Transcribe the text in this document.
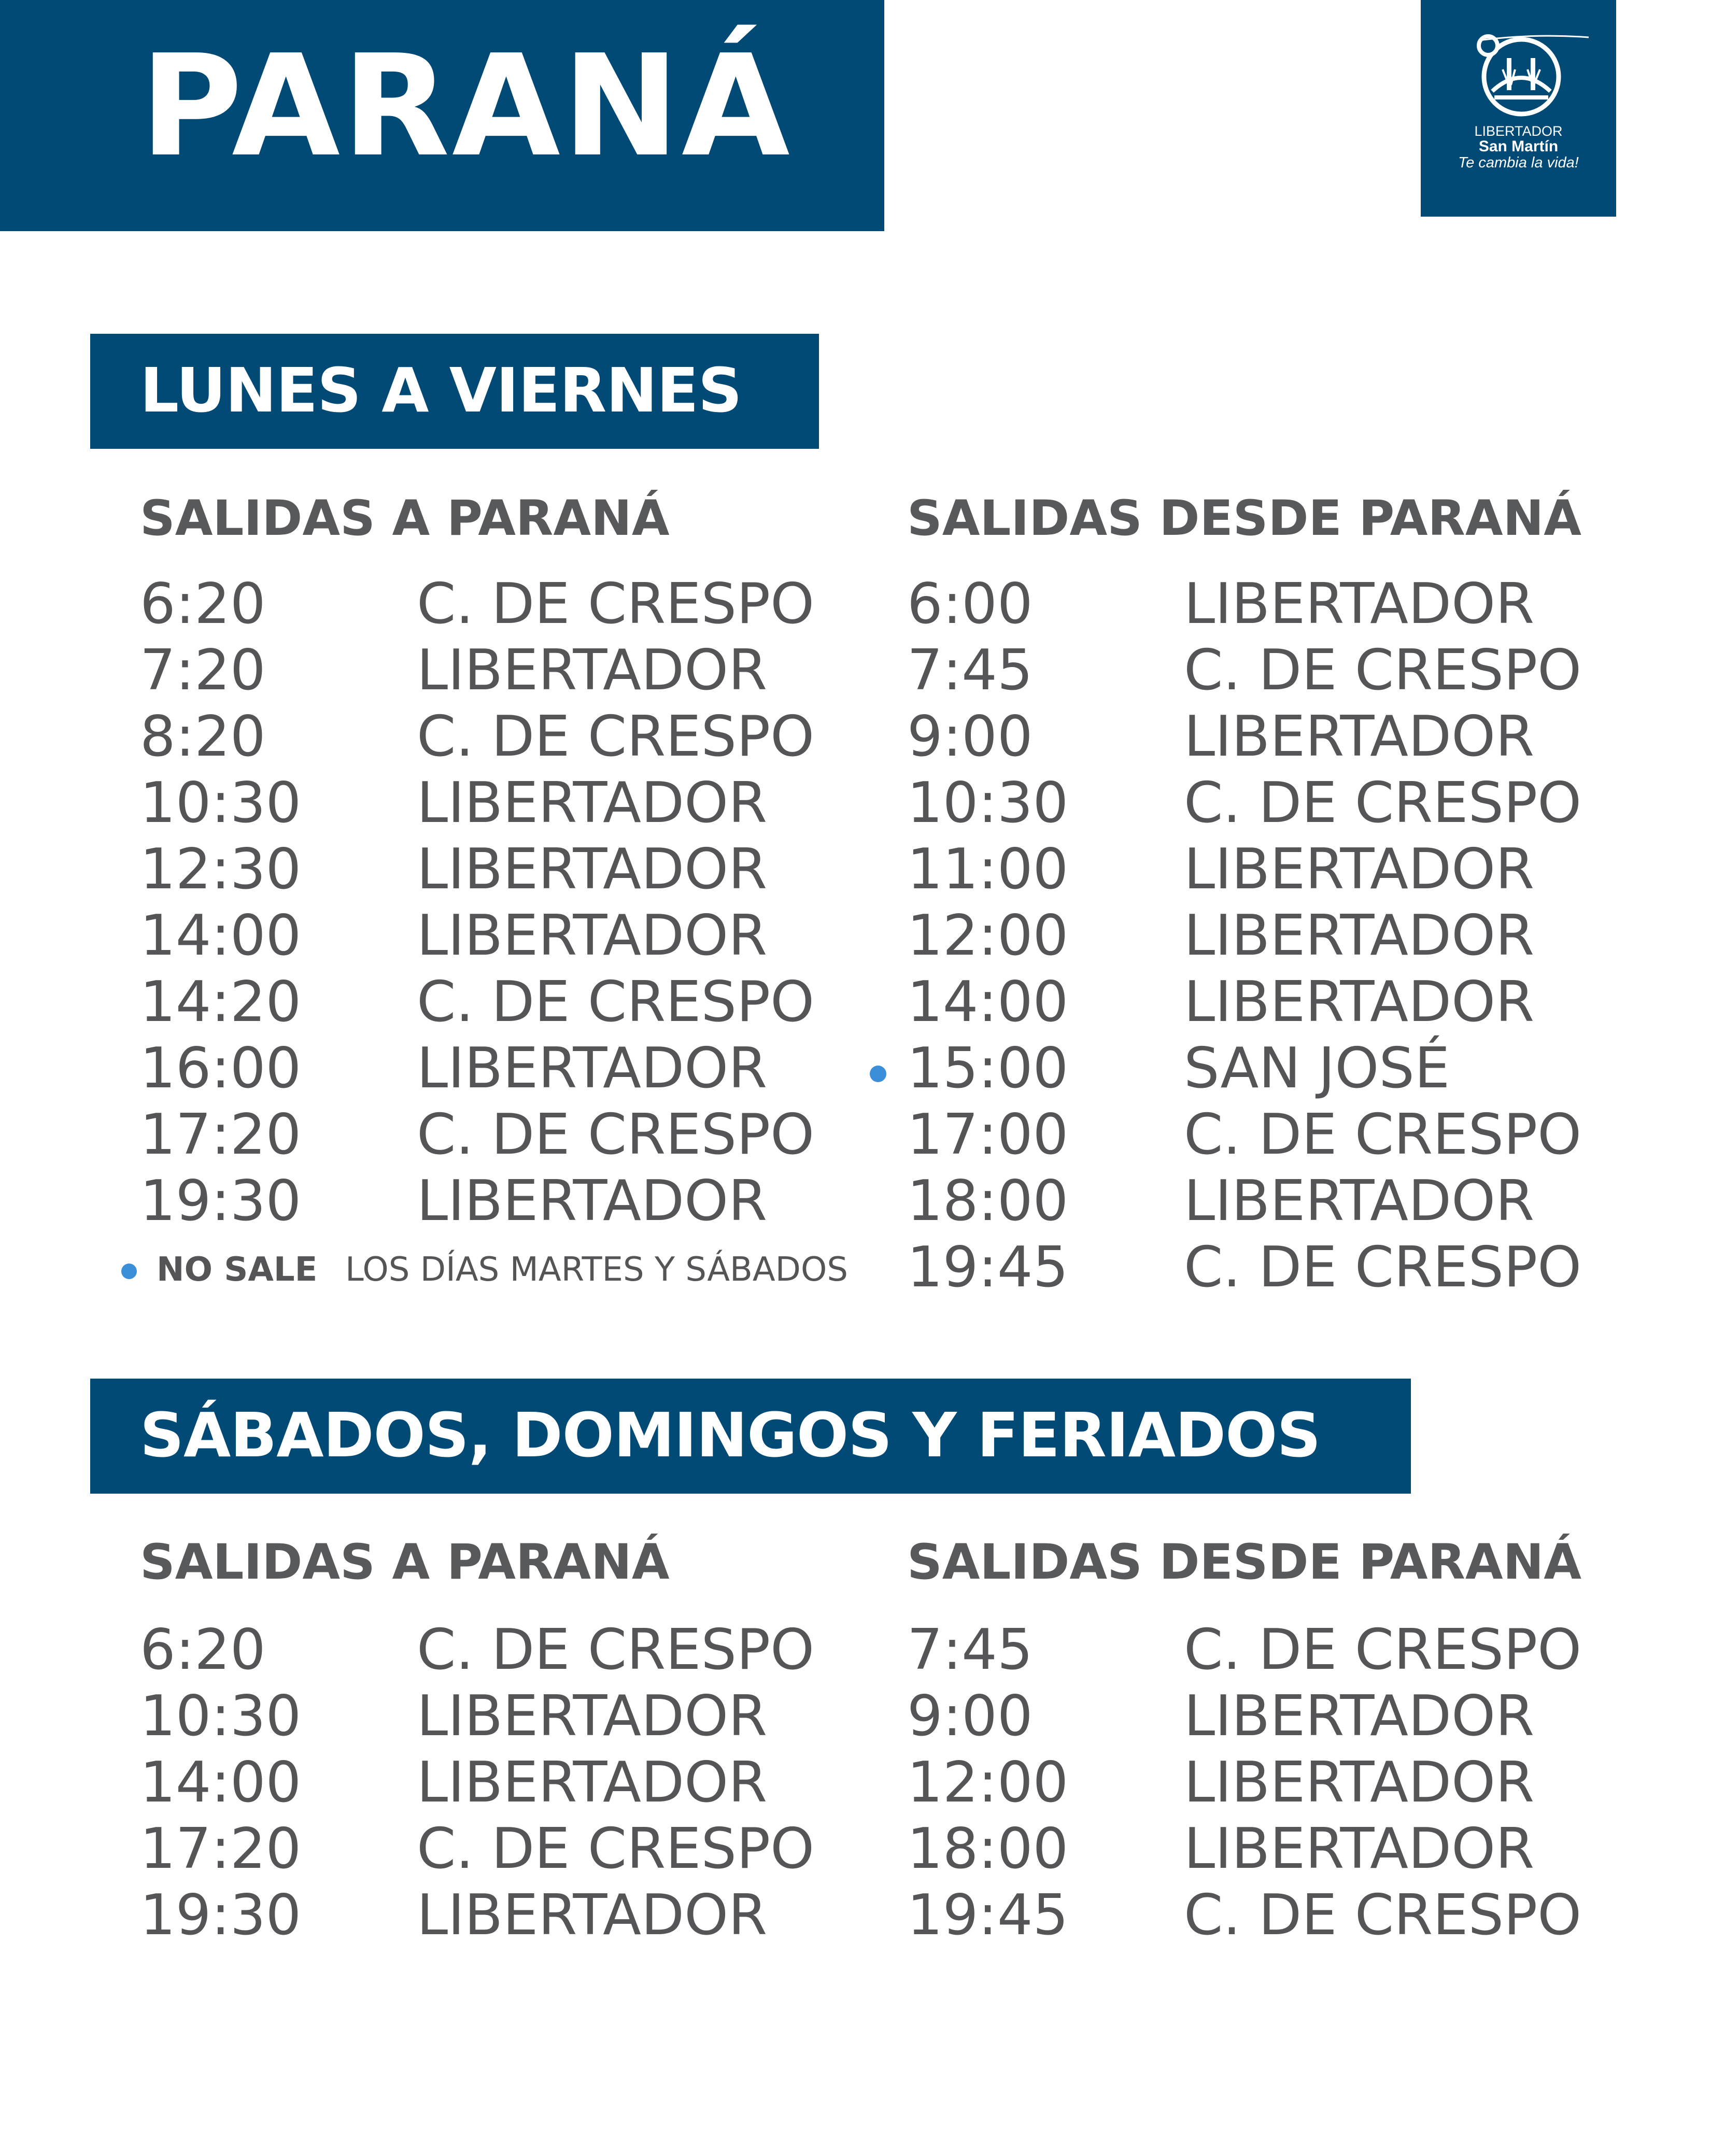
PARANÁ	LIBERTADOR
San Martín
Te cambia la vida!
LUNES A VIERNES
SALIDAS A PARANÁ	SALIDAS DESDE PARANÁ
6:20	C. DE CRESPO
7:20	LIBERTADOR
8:20	C. DE CRESPO
10:30 LIBERTADOR
12:30 LIBERTADOR
14:00 LIBERTADOR
14:20 C. DE CRESPO
16:00 LIBERTADOR
17:20 C. DE CRESPO
19:30 LIBERTADOR
6:00	LIBERTADOR
7:45	C. DE CRESPO
9:00	LIBERTADOR
10:30 C. DE CRESPO
11:00 LIBERTADOR
12:00 LIBERTADOR
14:00 LIBERTADOR
15:00 SAN JOSÉ
17:00 C. DE CRESPO
18:00 LIBERTADOR
19:45 C. DE CRESPO
NO SALE LOS DÍAS MARTES Y SÁBADOS
SÁBADOS, DOMINGOS Y FERIADOS
SALIDAS A PARANÁ	SALIDAS DESDE PARANÁ
6:20	C. DE CRESPO
10:30 LIBERTADOR
14:00 LIBERTADOR
17:20 C. DE CRESPO
19:30 LIBERTADOR
7:45	C. DE CRESPO
9:00	LIBERTADOR
12:00 LIBERTADOR
18:00 LIBERTADOR
19:45 C. DE CRESPO
